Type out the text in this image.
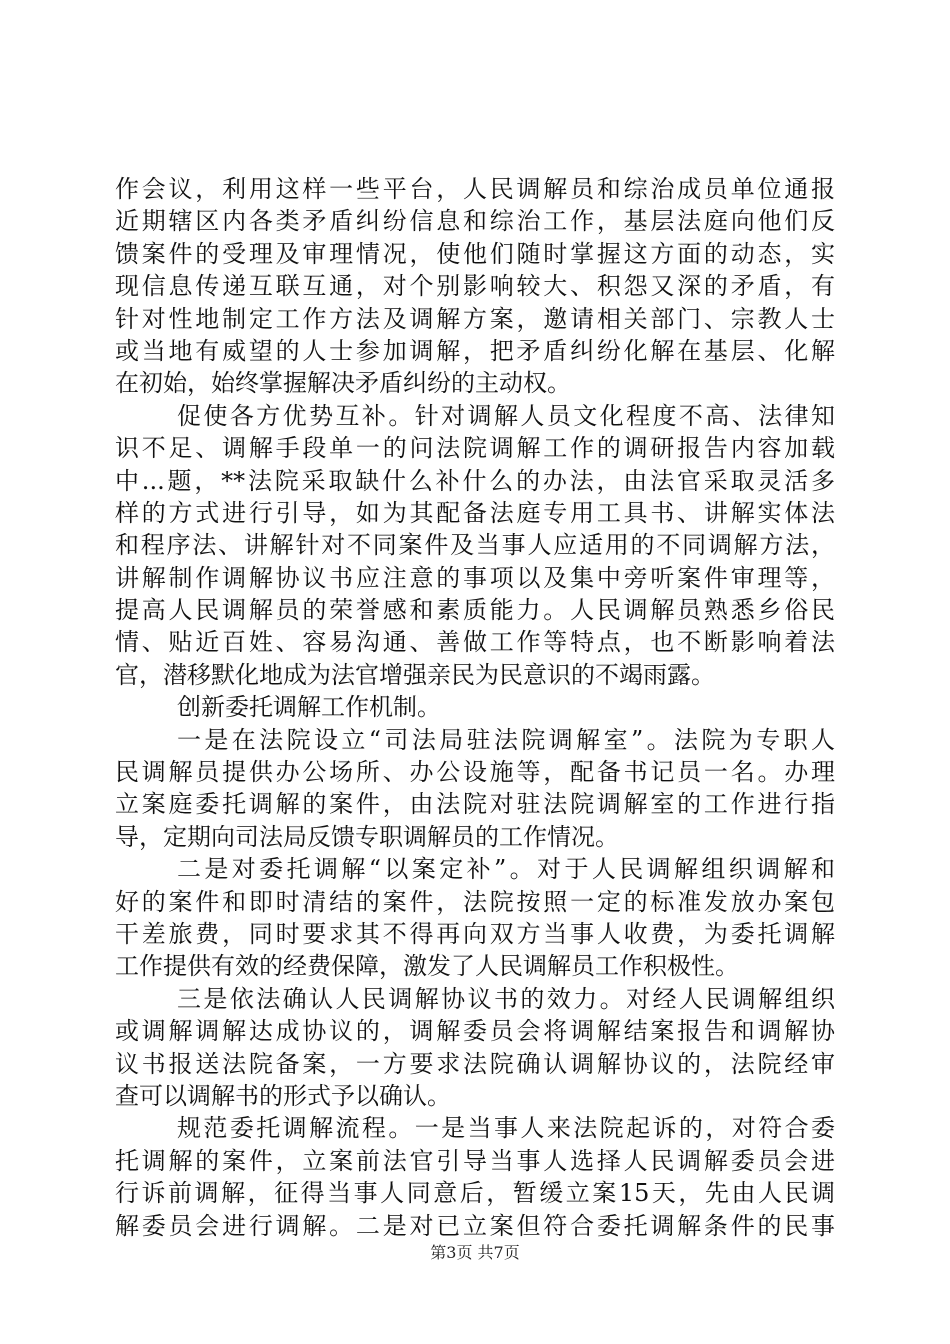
作会议，利用这样一些平台，人民调解员和综治成员单位通报
近期辖区内各类矛盾纠纷信息和综治工作，基层法庭向他们反
馈案件的受理及审理情况，使他们随时掌握这方面的动态，实
现信息传递互联互通，对个别影响较大、积怨又深的矛盾，有
针对性地制定工作方法及调解方案，邀请相关部门、宗教人士
或当地有威望的人士参加调解，把矛盾纠纷化解在基层、化解
在初始，始终掌握解决矛盾纠纷的主动权。
促使各方优势互补。针对调解人员文化程度不高、法律知
识不足、调解手段单一的问法院调解工作的调研报告内容加载
中...题，**法院采取缺什么补什么的办法，由法官采取灵活多
样的方式进行引导，如为其配备法庭专用工具书、讲解实体法
和程序法、讲解针对不同案件及当事人应适用的不同调解方法，
讲解制作调解协议书应注意的事项以及集中旁听案件审理等，
提高人民调解员的荣誉感和素质能力。人民调解员熟悉乡俗民
情、贴近百姓、容易沟通、善做工作等特点，也不断影响着法
官，潜移默化地成为法官增强亲民为民意识的不竭雨露。
创新委托调解工作机制。
一是在法院设立“司法局驻法院调解室”。法院为专职人
民调解员提供办公场所、办公设施等，配备书记员一名。办理
立案庭委托调解的案件，由法院对驻法院调解室的工作进行指
导，定期向司法局反馈专职调解员的工作情况。
二是对委托调解“以案定补”。对于人民调解组织调解和
好的案件和即时清结的案件，法院按照一定的标准发放办案包
干差旅费，同时要求其不得再向双方当事人收费，为委托调解
工作提供有效的经费保障，激发了人民调解员工作积极性。
三是依法确认人民调解协议书的效力。对经人民调解组织
或调解调解达成协议的，调解委员会将调解结案报告和调解协
议书报送法院备案，一方要求法院确认调解协议的，法院经审
查可以调解书的形式予以确认。
规范委托调解流程。一是当事人来法院起诉的，对符合委
托调解的案件，立案前法官引导当事人选择人民调解委员会进
行诉前调解，征得当事人同意后，暂缓立案15天，先由人民调
解委员会进行调解。二是对已立案但符合委托调解条件的民事
第3页 共7页
